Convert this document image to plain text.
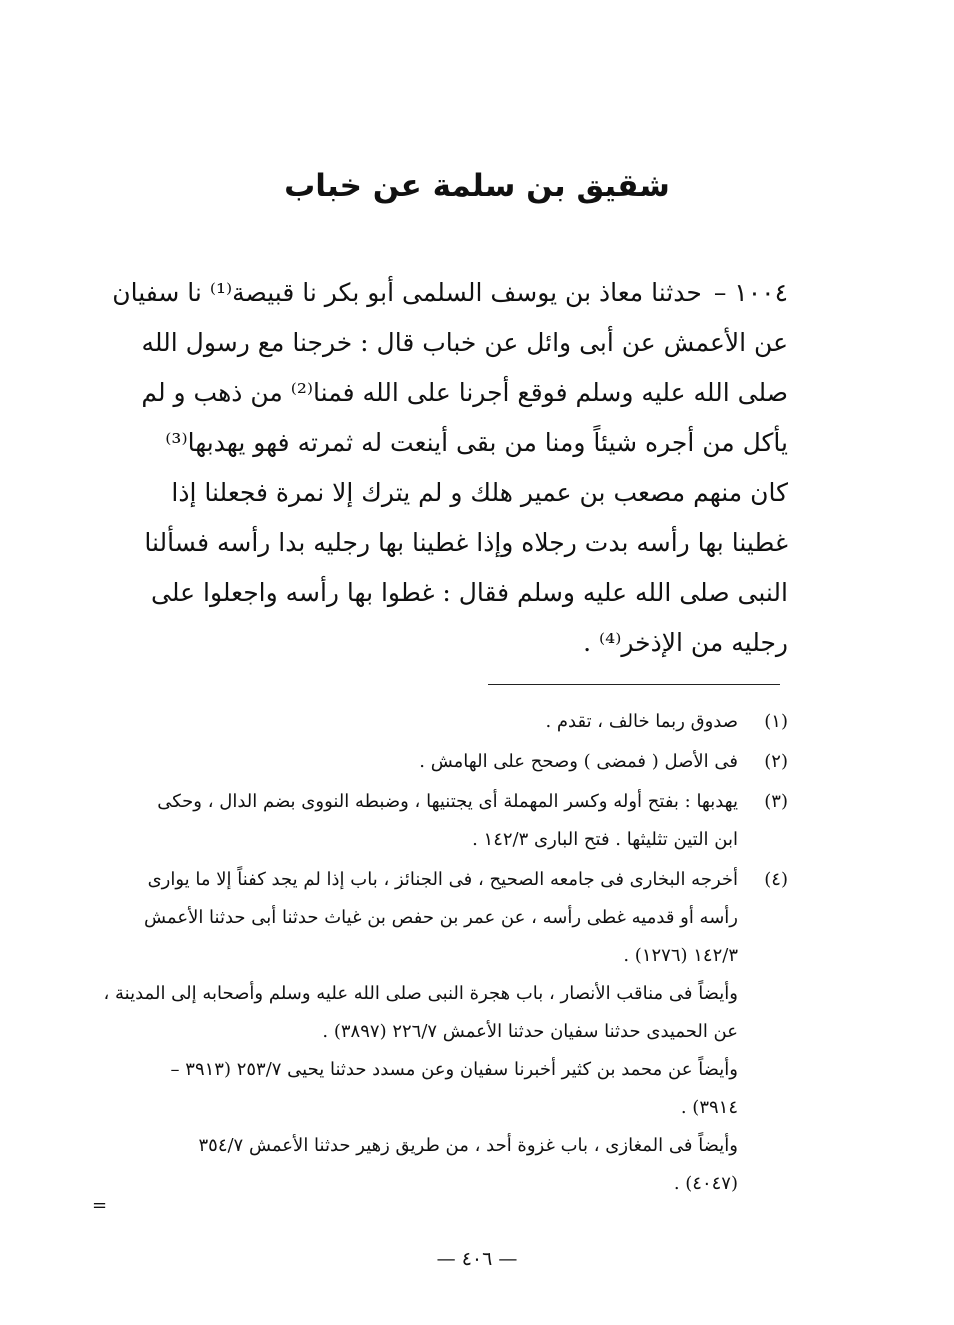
شقيق بن سلمة عن خباب
١٠٠٤ –حدثنا معاذ بن يوسف السلمى أبو بكر نا قبيصة⁽¹⁾ نا سفيان
عن الأعمش عن أبى وائل عن خباب قال : خرجنا مع رسول الله
صلى الله عليه وسلم فوقع أجرنا على الله فمنا⁽²⁾ من ذهب و لم
يأكل من أجره شيئاً ومنا من بقى أينعت له ثمرته فهو يهدبها⁽³⁾
كان منهم مصعب بن عمير هلك و لم يترك إلا نمرة فجعلنا إذا
غطينا بها رأسه بدت رجلاه وإذا غطينا بها رجليه بدا رأسه فسألنا
النبى صلى الله عليه وسلم فقال : غطوا بها رأسه واجعلوا على
رجليه من الإذخر⁽⁴⁾ .
(١)
صدوق ربما خالف ، تقدم .
(٢)
فى الأصل ( فمضى ) وصحح على الهامش .
(٣)
يهدبها : بفتح أوله وكسر المهملة أى يجتنيها ، وضبطه النووى بضم الدال ، وحكى
ابن التين تثليثها . فتح البارى ١٤٢/٣ .
(٤)
أخرجه البخارى فى جامعه الصحيح ، فى الجنائز ، باب إذا لم يجد كفناً إلا ما يوارى
رأسه أو قدميه غطى رأسه ، عن عمر بن حفص بن غياث حدثنا أبى حدثنا الأعمش
١٤٢/٣ (١٢٧٦) .
وأيضاً فى مناقب الأنصار ، باب هجرة النبى صلى الله عليه وسلم وأصحابه إلى المدينة ،
عن الحميدى حدثنا سفيان حدثنا الأعمش ٢٢٦/٧ (٣٨٩٧) .
وأيضاً عن محمد بن كثير أخبرنا سفيان وعن مسدد حدثنا يحيى ٢٥٣/٧ (٣٩١٣ –
٣٩١٤) .
وأيضاً فى المغازى ، باب غزوة أحد ، من طريق زهير حدثنا الأعمش ٣٥٤/٧
(٤٠٤٧) .
=
— ٤٠٦ —
